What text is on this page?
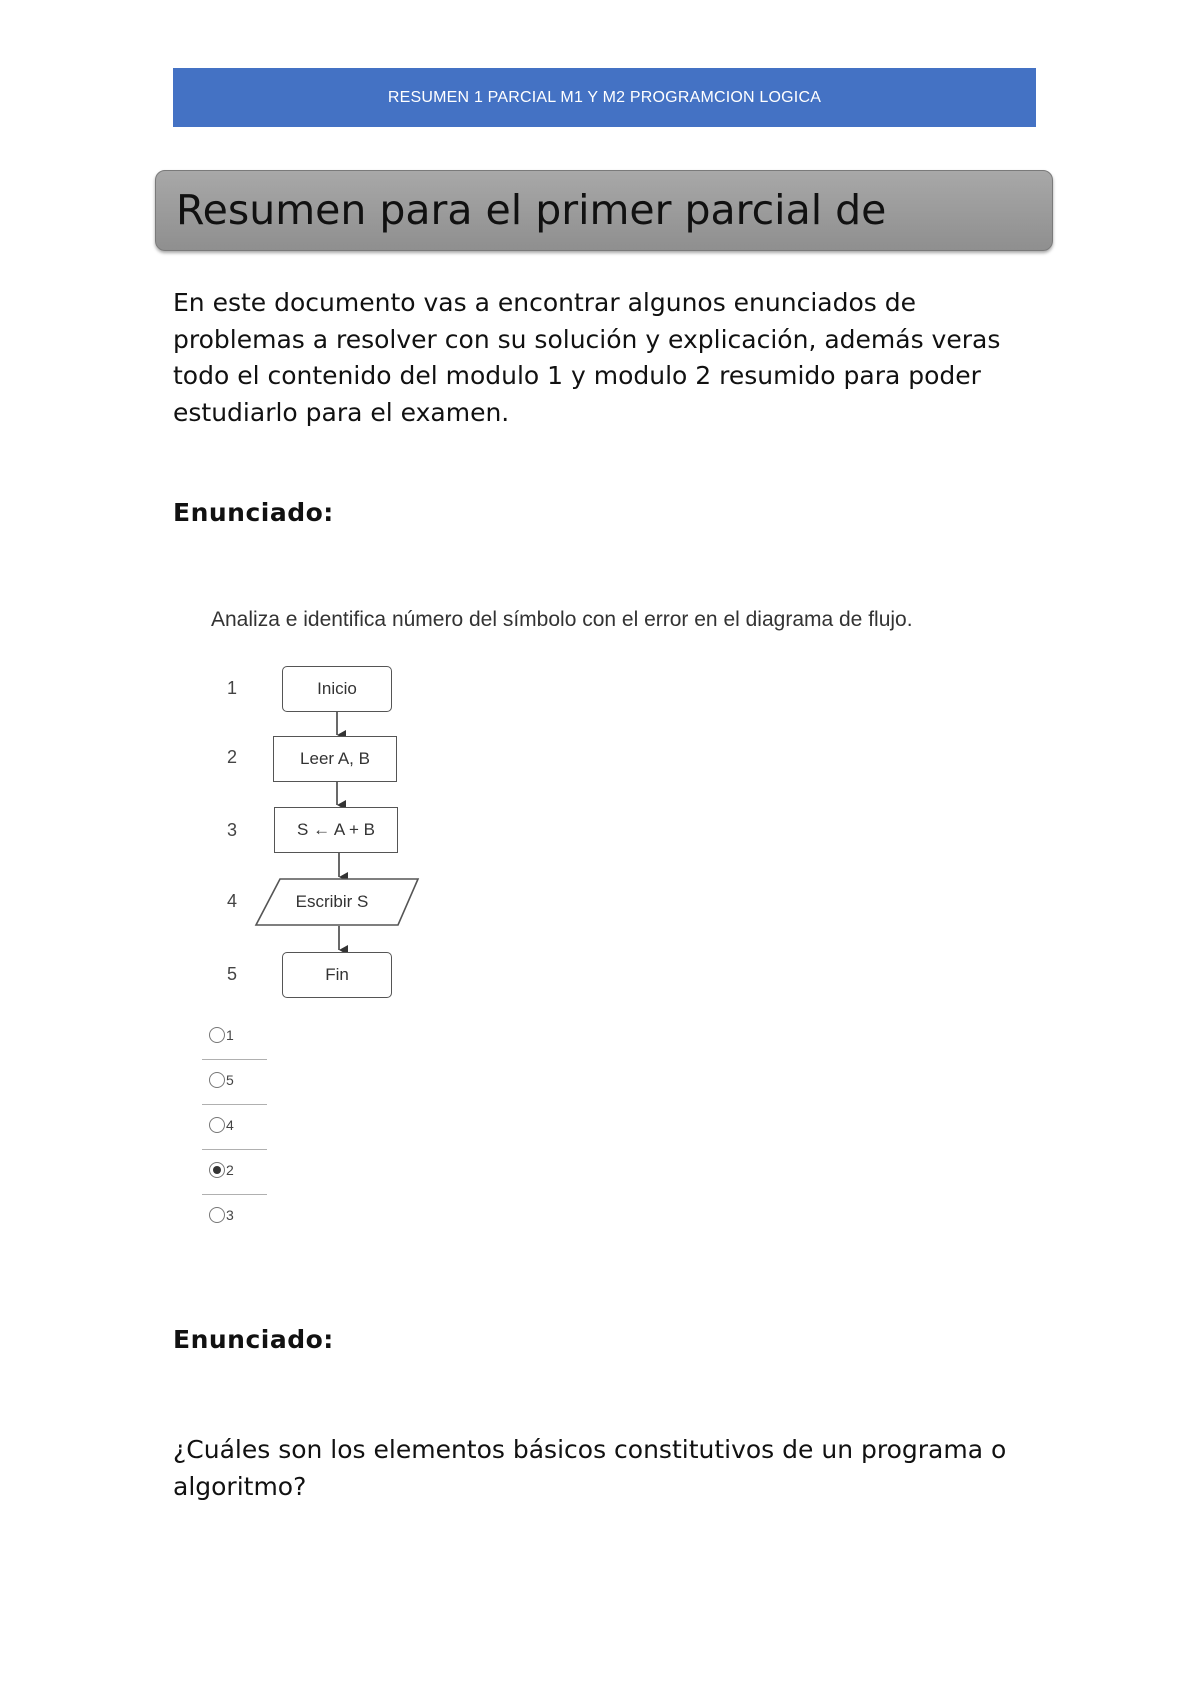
RESUMEN 1 PARCIAL M1 Y M2 PROGRAMCION LOGICA
Resumen para el primer parcial de

En este documento vas a encontrar algunos enunciados de problemas a resolver con su solución y explicación, además veras todo el contenido del modulo 1 y modulo 2 resumido para poder estudiarlo para el examen.

Enunciado:

Analiza e identifica número del símbolo con el error en el diagrama de flujo.
1	Inicio
2	Leer A, B
3	S ← A + B
4	Escribir S
5	Fin
1
5
4
2
3

Enunciado:

¿Cuáles son los elementos básicos constitutivos de un programa o algoritmo?
